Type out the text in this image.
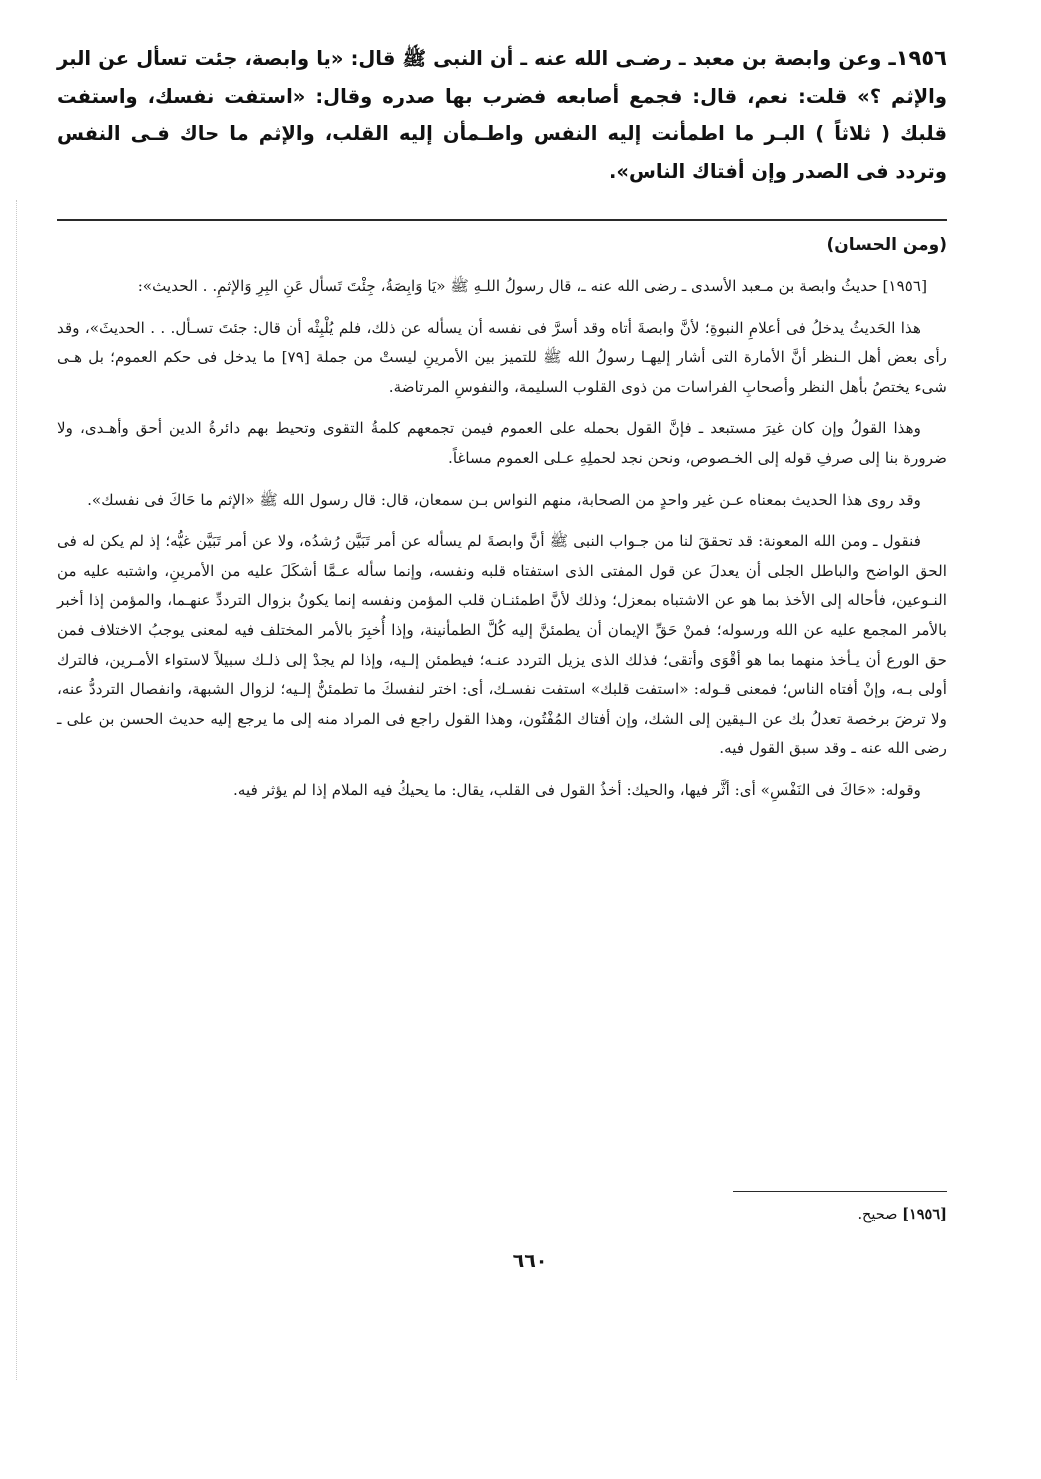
١٩٥٦ـ وعن وابصة بن معبد ـ رضـى الله عنه ـ أن النبى ﷺ قال: «يا وابصة، جئت تسأل عن البر والإثم ؟» قلت: نعم، قال: فجمع أصابعه فضرب بها صدره وقال: «استفت نفسك، واستفت قلبك ( ثلاثاً ) البـر ما اطمأنت إليه النفس واطـمأن إليه القلب، والإثم ما حاك فـى النفس وتردد فى الصدر وإن أفتاك الناس».
(ومن الحسان)

[١٩٥٦] حديثُ وابصة بن مـعبد الأسدى ـ رضى الله عنه ـ، قال رسولُ اللـهِ ﷺ «يَا وَابِصَةُ، جِئْتَ تَسأل عَنِ البِرِ وَالإثمِ. . الحديث»:

هذا الحَديثُ يدخلُ فى أعلامِ النبوةِ؛ لأنَّ وابصةَ أتاه وقد أسرَّ فى نفسه أن يسأله عن ذلك، فلم يُلْبِثْه أن قال: جئتَ تسـأل. . . الحديثَ»، وقد رأى بعض أهل الـنظر أنَّ الأمارة التى أشار إليهـا رسولُ الله ﷺ للتميز بين الأمرينِ ليستْ من جملة [٧٩] ما يدخل فى حكم العموم؛ بل هـى شىء يختصُ بأهل النظر وأصحابِ الفراسات من ذوى القلوب السليمة، والنفوسِ المرتاضة.

وهذا القولُ وإن كان غيرَ مستبعد ـ فإنَّ القول بحمله على العموم فيمن تجمعهم كلمةُ التقوى وتحيط بهم دائرةُ الدين أحق وأهـدى، ولا ضرورة بنا إلى صرفِ قوله إلى الخـصوص، ونحن نجد لحملِهِ عـلى العموم مساغاً.

وقد روى هذا الحديث بمعناه عـن غير واحدٍ من الصحابة، منهم النواس بـن سمعان، قال: قال رسول الله ﷺ «الإثم ما حَاكَ فى نفسك».

فنقول ـ ومن الله المعونة: قد تحققَ لنا من جـواب النبى ﷺ أنَّ وابصةَ لم يسأله عن أمر تَبَيَّن رُشدُه، ولا عن أمر تَبَيَّن غيُّه؛ إذ لم يكن له فى الحق الواضح والباطل الجلى أن يعدلَ عن قول المفتى الذى استفتاه قلبه ونفسه، وإنما سأله عـمَّا أشكَلَ عليه من الأمرينِ، واشتبه عليه من النـوعين، فأحاله إلى الأخذ بما هو عن الاشتباه بمعزل؛ وذلك لأنَّ اطمئنـان قلب المؤمن ونفسه إنما يكونُ بزوال الترددِّ عنهـما، والمؤمن إذا أخبر بالأمر المجمع عليه عن الله ورسوله؛ فمنْ حَقِّ الإيمان أن يطمئنَّ إليه كُلَّ الطمأنينة، وإذا أُخبِرَ بالأمر المختلف فيه لمعنى يوجبُ الاختلاف فمن حق الورع أن يـأخذ منهما بما هو أقْوَى وأتقى؛ فذلك الذى يزيل التردد عنـه؛ فيطمئن إلـيه، وإذا لم يجدْ إلى ذلـك سبيلاً لاستواء الأمـرين، فالترك أولى بـه، وإنْ أفتاه الناس؛ فمعنى قـوله: «استفت قلبك» استفت نفسـك، أى: اختر لنفسكَ ما تطمئنُّ إلـيه؛ لزوال الشبهة، وانفصال الترددُّ عنه، ولا ترضَ برخصة تعدلُ بك عن الـيقين إلى الشك، وإن أفتاك المُفْتُون، وهذا القول راجع فى المراد منه إلى ما يرجع إليه حديث الحسن بن على ـ رضى الله عنه ـ وقد سبق القول فيه.

وقوله: «حَاكَ فى النَفْسِ» أى: أثَّر فيها، والحيك: أخذُ القول فى القلب، يقال: ما يحيكُ فيه الملام إذا لم يؤثر فيه.

[١٩٥٦] صحيح.
٦٦٠
